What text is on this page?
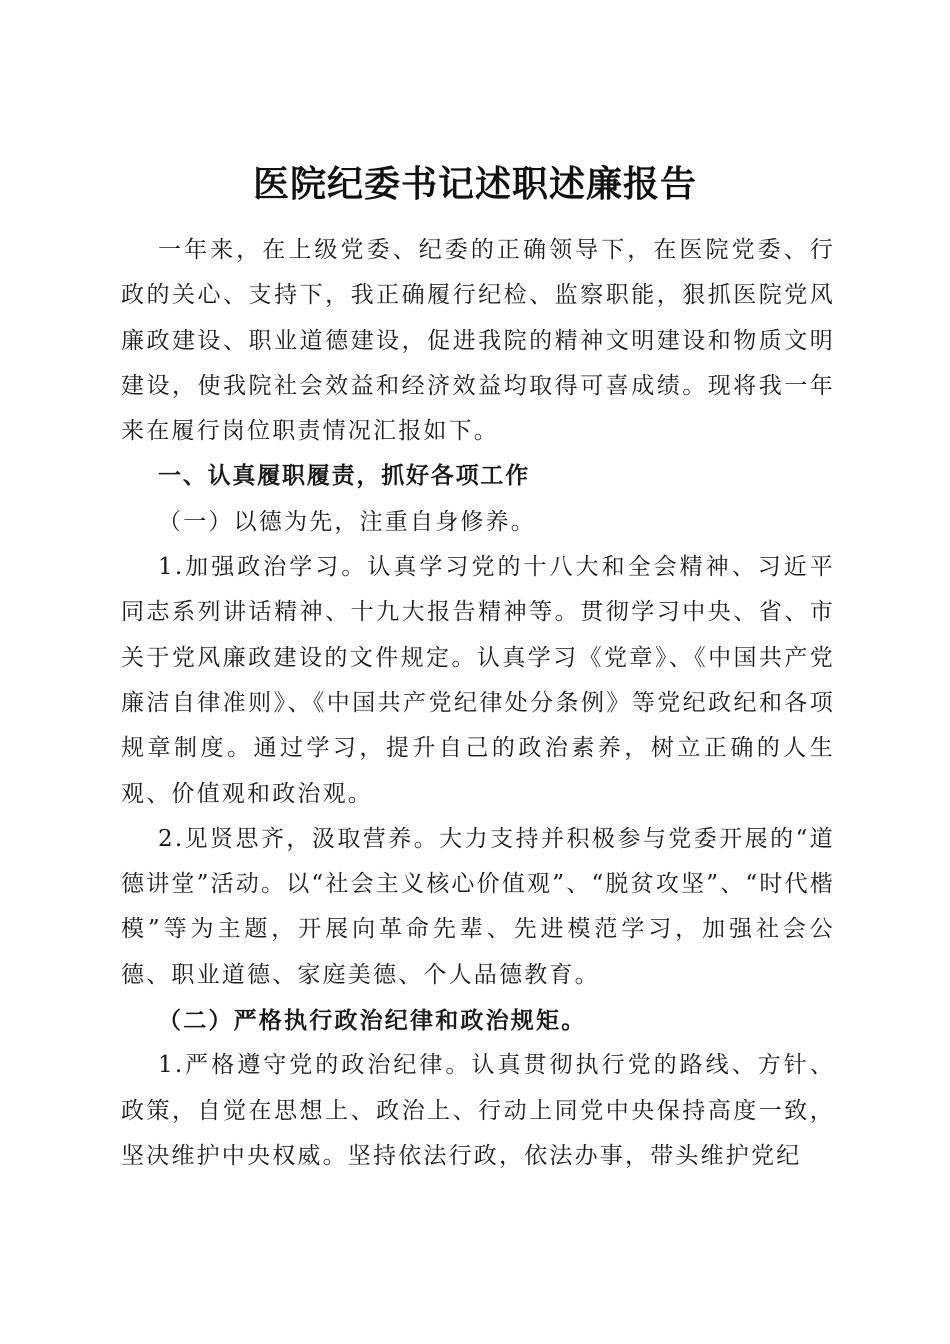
医院纪委书记述职述廉报告

一年来，在上级党委、纪委的正确领导下，在医院党委、行政的关心、支持下，我正确履行纪检、监察职能，狠抓医院党风廉政建设、职业道德建设，促进我院的精神文明建设和物质文明建设，使我院社会效益和经济效益均取得可喜成绩。现将我一年来在履行岗位职责情况汇报如下。

一、认真履职履责，抓好各项工作

（一）以德为先，注重自身修养。

1.加强政治学习。认真学习党的十八大和全会精神、习近平同志系列讲话精神、十九大报告精神等。贯彻学习中央、省、市关于党风廉政建设的文件规定。认真学习《党章》、《中国共产党廉洁自律准则》、《中国共产党纪律处分条例》等党纪政纪和各项规章制度。通过学习，提升自己的政治素养，树立正确的人生观、价值观和政治观。

2.见贤思齐，汲取营养。大力支持并积极参与党委开展的“道德讲堂”活动。以“社会主义核心价值观”、“脱贫攻坚”、“时代楷模”等为主题，开展向革命先辈、先进模范学习，加强社会公德、职业道德、家庭美德、个人品德教育。

（二）严格执行政治纪律和政治规矩。

1.严格遵守党的政治纪律。认真贯彻执行党的路线、方针、政策，自觉在思想上、政治上、行动上同党中央保持高度一致，坚决维护中央权威。坚持依法行政，依法办事，带头维护党纪
